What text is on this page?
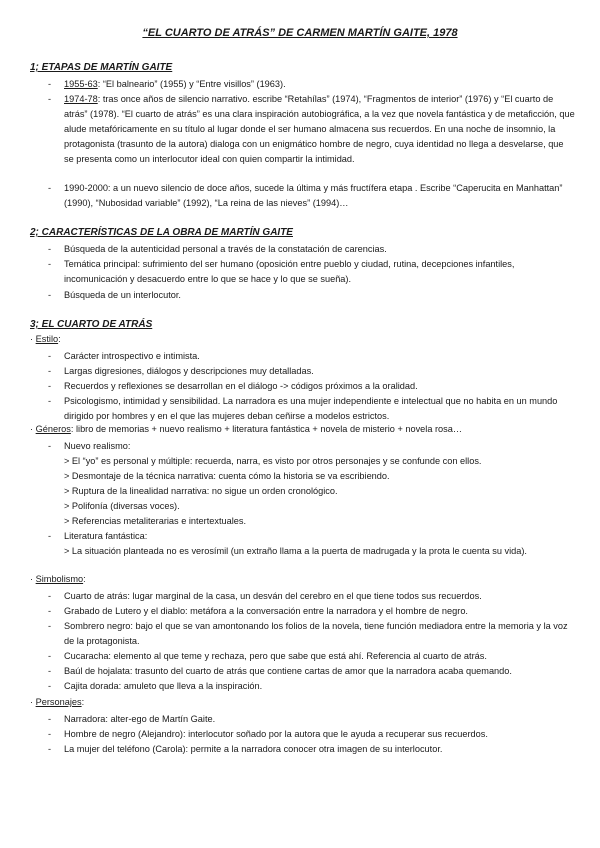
“EL CUARTO DE ATRÁS” DE CARMEN MARTÍN GAITE, 1978
1; ETAPAS DE MARTÍN GAITE
- 1955-63: “El balneario” (1955) y “Entre visillos” (1963).
- 1974-78: tras once años de silencio narrativo. escribe “Retahílas” (1974), “Fragmentos de interior” (1976) y “El cuarto de atrás” (1978). “El cuarto de atrás” es una clara inspiración autobiográfica, a la vez que novela fantástica y de metaficción, que alude metafóricamente en su título al lugar donde el ser humano almacena sus recuerdos. En una noche de insomnio, la protagonista (trasunto de la autora) dialoga con un enigmático hombre de negro, cuya identidad no llega a desvelarse, que se presenta como un interlocutor ideal con quien compartir la intimidad.
- 1990-2000: a un nuevo silencio de doce años, sucede la última y más fructífera etapa . Escribe “Caperucita en Manhattan” (1990), “Nubosidad variable” (1992), “La reina de las nieves” (1994)…
2; CARACTERÍSTICAS DE LA OBRA DE MARTÍN GAITE
- Búsqueda de la autenticidad personal a través de la constatación de carencias.
- Temática principal: sufrimiento del ser humano (oposición entre pueblo y ciudad, rutina, decepciones infantiles, incomunicación y desacuerdo entre lo que se hace y lo que se sueña).
- Búsqueda de un interlocutor.
3; EL CUARTO DE ATRÁS
· Estilo:
- Carácter introspectivo e intimista.
- Largas digresiones, diálogos y descripciones muy detalladas.
- Recuerdos y reflexiones se desarrollan en el diálogo -> códigos próximos a la oralidad.
- Psicologismo, intimidad y sensibilidad. La narradora es una mujer independiente e intelectual que no habita en un mundo dirigido por hombres y en el que las mujeres deban ceñirse a modelos estrictos.
· Géneros: libro de memorias + nuevo realismo + literatura fantástica + novela de misterio + novela rosa…
- Nuevo realismo:
> El “yo” es personal y múltiple: recuerda, narra, es visto por otros personajes y se confunde con ellos.
> Desmontaje de la técnica narrativa: cuenta cómo la historia se va escribiendo.
> Ruptura de la linealidad narrativa: no sigue un orden cronológico.
> Polifonía (diversas voces).
> Referencias metaliterarias e intertextuales.
- Literatura fantástica:
> La situación planteada no es verosímil (un extraño llama a la puerta de madrugada y la prota le cuenta su vida).
· Simbolismo:
- Cuarto de atrás: lugar marginal de la casa, un desván del cerebro en el que tiene todos sus recuerdos.
- Grabado de Lutero y el diablo: metáfora a la conversación entre la narradora y el hombre de negro.
- Sombrero negro: bajo el que se van amontonando los folios de la novela, tiene función mediadora entre la memoria y la voz de la protagonista.
- Cucaracha: elemento al que teme y rechaza, pero que sabe que está ahí. Referencia al cuarto de atrás.
- Baúl de hojalata: trasunto del cuarto de atrás que contiene cartas de amor que la narradora acaba quemando.
- Cajita dorada: amuleto que lleva a la inspiración.
· Personajes:
- Narradora: alter-ego de Martín Gaite.
- Hombre de negro (Alejandro): interlocutor soñado por la autora que le ayuda a recuperar sus recuerdos.
- La mujer del teléfono (Carola): permite a la narradora conocer otra imagen de su interlocutor.
